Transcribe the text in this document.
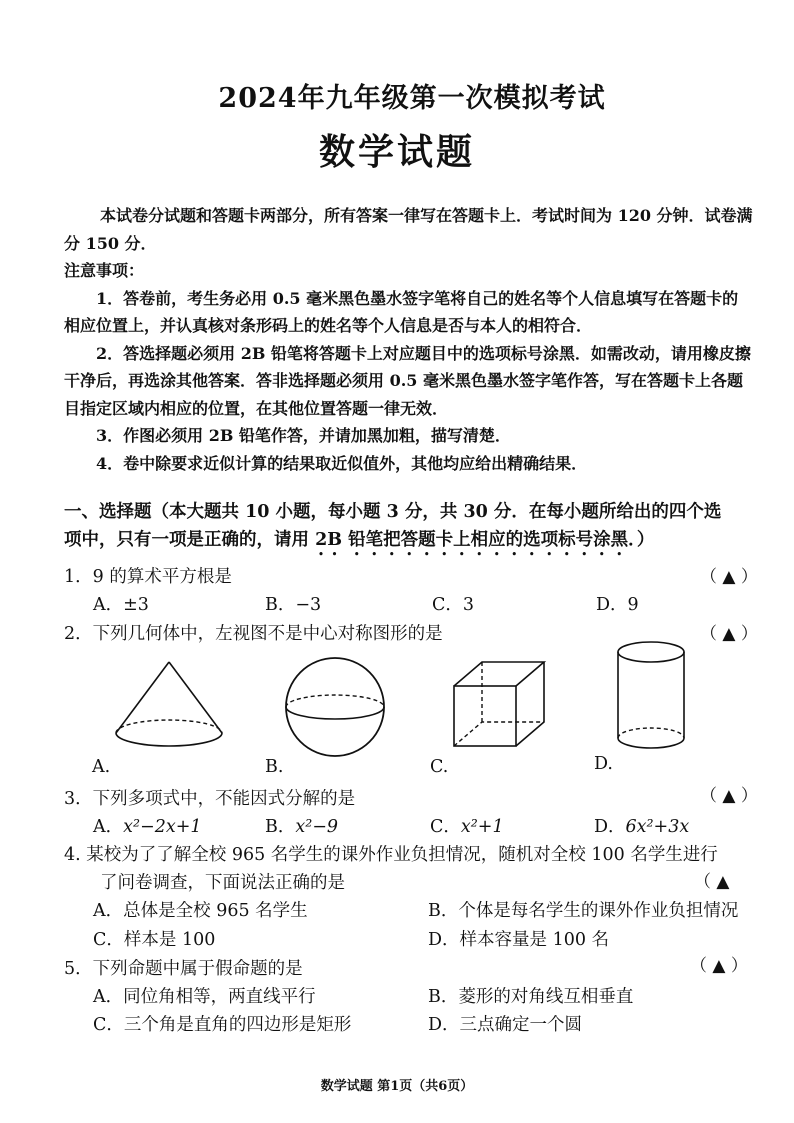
2024年九年级第一次模拟考试
数学试题
本试卷分试题和答题卡两部分，所有答案一律写在答题卡上．考试时间为 120 分钟．试卷满
分 150 分．
注意事项：
1．答卷前，考生务必用 0.5 毫米黑色墨水签字笔将自己的姓名等个人信息填写在答题卡的
相应位置上，并认真核对条形码上的姓名等个人信息是否与本人的相符合．
2．答选择题必须用 2B 铅笔将答题卡上对应题目中的选项标号涂黑．如需改动，请用橡皮擦
干净后，再选涂其他答案．答非选择题必须用 0.5 毫米黑色墨水签字笔作答，写在答题卡上各题
目指定区域内相应的位置，在其他位置答题一律无效．
3．作图必须用 2B 铅笔作答，并请加黑加粗，描写清楚．
4．卷中除要求近似计算的结果取近似值外，其他均应给出精确结果．
一、选择题（本大题共 10 小题，每小题 3 分，共 30 分．在每小题所给出的四个选
项中，只有一项是正确的，请用 2B 铅笔把答题卡上相应的选项标号涂黑．）
1．9 的算术平方根是	（ ▲ ）
A．±3	B．−3	C．3	D．9
2．下列几何体中，左视图不是中心对称图形的是	（ ▲ ）
A.	B.	C.	D.
3．下列多项式中，不能因式分解的是	（ ▲ ）
A．x²−2x+1	B．x²−9	C．x²+1	D．6x²+3x
4. 某校为了了解全校 965 名学生的课外作业负担情况，随机对全校 100 名学生进行
了问卷调查，下面说法正确的是	（ ▲
A．总体是全校 965 名学生	B．个体是每名学生的课外作业负担情况
C．样本是 100	D．样本容量是 100 名
5．下列命题中属于假命题的是	（ ▲ ）
A．同位角相等，两直线平行	B．菱形的对角线互相垂直
C．三个角是直角的四边形是矩形	D．三点确定一个圆
数学试题 第1页（共6页）
